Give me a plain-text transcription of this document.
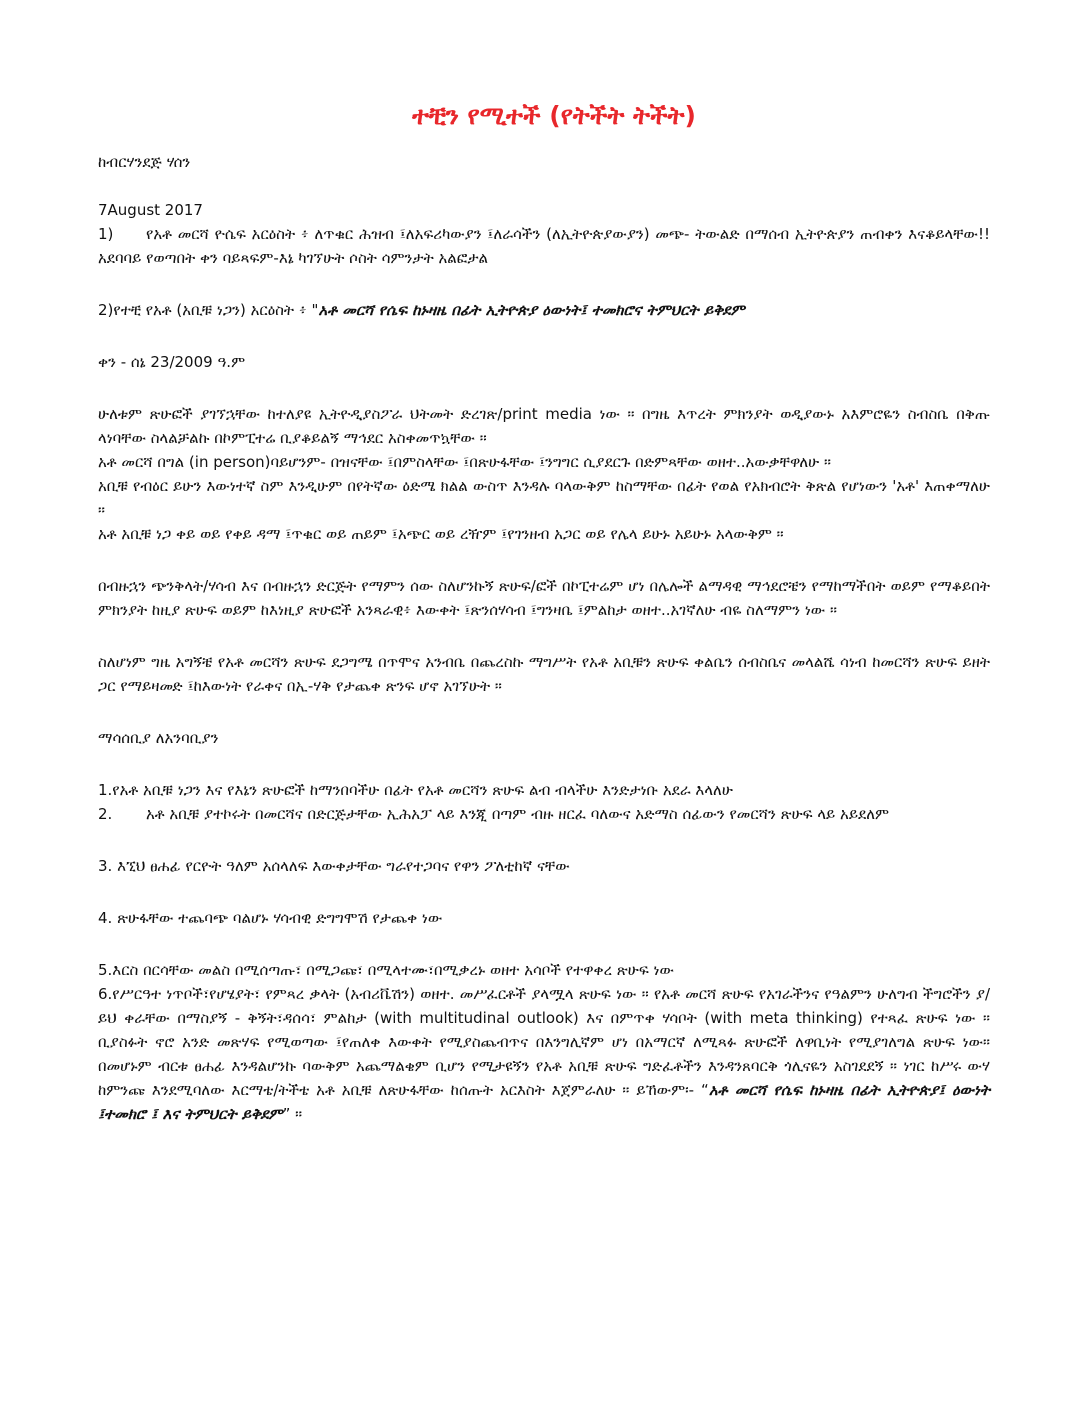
ተቺን የሚተች (የትችት ትችት)

ከብርሃንደጅ ሃሰን

7August 2017

1) የአቶ መርሻ ዮሴፍ አርዕስት ፥ ለጥቁር ሕዝብ ፤ለአፍሪካውያን ፤ለራሳችን (ለኢትዮጵያውያን) መጭ- ትውልድ በማሰብ ኢትዮጵያን ጠብቀን እናቆይላቸው!! አደባባይ የወጣበት ቀን ባይጻፍም-እኔ ካገኘሁት ሶስት ሳምንታት አልፎታል

2)የተቺ የአቶ (አቢቹ ነጋን) አርዕስት ፥ "አቶ መርሻ የሴፍ ከኑዛዜ በፊት ኢትዮጵያ ዕውነት፤ ተመክሮና ትምህርት ይቅደም

ቀን - ሰኔ 23/2009 ዓ.ም

ሁለቱም ጽሁፎች ያገኘኋቸው ከተለያዩ ኢትዮዲያስፖራ ህትመት ድረገጽ/print media ነው ። በግዜ እጥረት ምክንያት ወዲያውኑ አእምሮዬን ስብስቤ በቅጡ ላነባቸው ስላልቻልኩ በኮምፒተሬ ቢያቆይልኝ ማኅደር አስቀመጥኳቸው ።

አቶ መርሻ በግል (in person)ባይሆንም- በዝናቸው ፤በምስላቸው ፤በጽሁፋቸው ፤ንግግር ሲያደርጉ በድምጻቸው ወዘተ..አውቃቸዋለሁ ።

አቢቹ የብዕር ይሁን እውነተኛ ስም እንዲሁም በየትኛው ዕድሜ ክልል ውስጥ እንዳሉ ባላውቅም ከስማቸው በፊት የወል የአክብሮት ቅጽል የሆነውን 'አቶ' እጠቀማለሁ ።

አቶ አቢቹ ነጋ ቀይ ወይ የቀይ ዳማ ፤ጥቁር ወይ ጠይም ፤አጭር ወይ ረዥም ፤የገንዘብ አጋር ወይ የሌላ ይሁኑ አይሁኑ አላውቅም ።

በብዙኋን ጭንቅላት/ሃሳብ እና በብዙኋን ድርጅት የማምን ሰው ስለሆንኩኝ ጽሁፍ/ፎች በኮፒተሬም ሆነ በሌሎች ልማዳዊ ማኅደሮቼን የማከማችበት ወይም የማቆይበት ምክንያት ከዚያ ጽሁፍ ወይም ከእነዚያ ጽሁፎች አንጻራዊ፥ እውቀት ፤ጽንሰሃሳብ ፤ግንዛቤ ፤ምልከታ ወዘተ..አገኛለሁ ብዬ ስለማምን ነው ።

ስለሆነም ግዜ አግኝቼ የአቶ መርሻን ጽሁፍ ደጋግሜ በጥሞና አንብቤ በጨረስኩ ማግሥት የአቶ አቢቹን ጽሁፍ ቀልቤን ሰብስቤና መላልሼ ሳነብ ከመርሻን ጽሁፍ ይዘት ጋር የማይዛመድ ፤ከእውነት የራቀና በኢ-ሃቅ የታጨቀ ጽንፍ ሆኖ አገኘሁት ።

ማሳሰቢያ ለአንባቢያን

1.የአቶ አቢቹ ነጋን እና የእኔን ጽሁፎች ከማንበባችሁ በፊት የአቶ መርሻን ጽሁፍ ልብ ብላችሁ እንድታነቡ አደራ እላለሁ

2. አቶ አቢቹ ያተኮሩት በመርሻና በድርጅታቸው ኢሕአፓ ላይ እንጂ በጣም ብዙ ዘርፈ ባለውና አድማስ ሰፊውን የመርሻን ጽሁፍ ላይ አይደለም

3. እኚህ ፀሐፊ የርዮት ዓለም አሰላለፍ እውቀታቸው ግራየተጋባና የዋን ፖለቲከኛ ናቸው

4. ጽሁፋቸው ተጨባጭ ባልሆኑ ሃሳብዊ ድግግሞሽ የታጨቀ ነው

5.እርስ በርሳቸው መልስ በሚሰጣጡ፣ በሚጋጩ፣ በሚላተሙ፣በሚቃረኑ ወዘተ አሳቦች የተዋቀረ ጽሁፍ ነው

6.የሥርዓተ ነጥቦች፣የሆሄያት፣ የምጻረ ቃላት (አብሪቬሽን) ወዘተ. መሥፈርቶች ያላሟላ ጽሁፍ ነው ። የአቶ መርሻ ጽሁፍ የአገራችንና የዓልምን ሁለግብ ችግሮችን ያ/ይህ ቀራቸው በማስያኝ - ቅኝት፣ዳሰሳ፣ ምልከታ (with multitudinal outlook) እና በምጥቀ ሃሳቦት (with meta thinking) የተጻፈ ጽሁፍ ነው ። ቢያስፉት ኖሮ አንድ መጽሃፍ የሚወጣው ፤የጠለቀ እውቀት የሚያስጨብጥና በእንግሊኛም ሆነ በአማርኛ ለሚጻፉ ጽሁፎች ለዋቢነት የሚያገለግል ጽሁፍ ነው። በመሆኑም ብርቱ ፀሐፊ እንዳልሆንኩ ባውቅም አጨማልቄም ቢሆን የሚታዩኝን የአቶ አቢቹ ጽሁፍ ግድፈቶችን እንዳንጸባርቅ ጎሊናዬን አስገደደኝ ። ነገር ከሥሩ ውሃ ከምንጩ እንደሚባለው እርማቴ/ትችቴ አቶ አቢቹ ለጽሁፋቸው ከሰጡት አርእስት እጀምራለሁ ። ይኸውም፡- “አቶ መርሻ የሴፍ ከኑዛዜ በፊት ኢትዮጵያ፤ ዕውነት ፤ተመክሮ ፤ እና ትምህርት ይቅደም” ።
